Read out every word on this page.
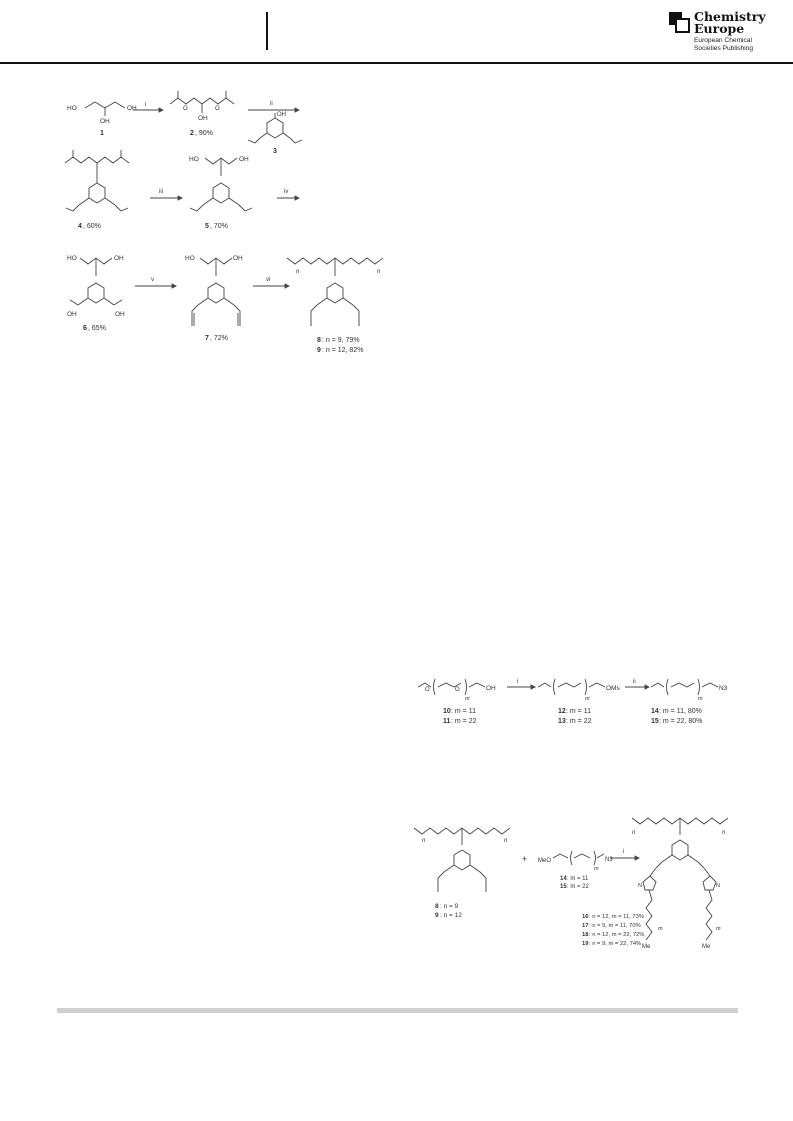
Chemistry
Europe
European Chemical
Societies Publishing
HO	OH
OH
1
i
O	O
OH
2 , 90%
ii
OH
3
4 , 60%
iii
HO	OH
5 , 70%
iv
HO	OH
OH	OH
6 , 65%
v
HO	OH
7 , 72%
vi
n	n
8 : n = 9, 79%
9 : n = 12, 82%
O	O
m
OH
10 : m = 11
11 : m = 22
i
m
OMs
12 : m = 11
13 : m = 22
ii
m
N3
14 : m = 11, 80%
15 : m = 22, 80%
n	n
8 : n = 9
9 : n = 12
+ MeO
m
N3
14 : m = 11
15 : m = 22
i
n	n
N	N
m	m
Me	Me
16 : n = 12, m = 11, 73%
17 : n = 9, m = 11, 70%
18 : n = 12, m = 22, 72%
19 : n = 9, m = 22, 74%
